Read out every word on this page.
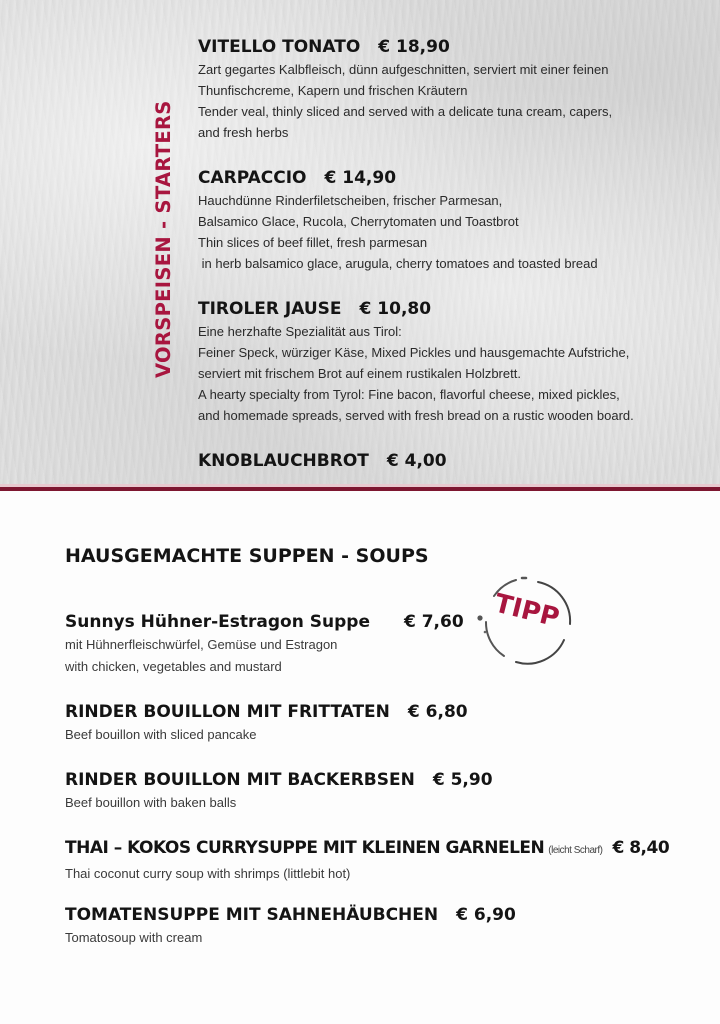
VORSPEISEN - STARTERS
VITELLO TONATO € 18,90
Zart gegartes Kalbfleisch, dünn aufgeschnitten, serviert mit einer feinen
Thunfischcreme, Kapern und frischen Kräutern
Tender veal, thinly sliced and served with a delicate tuna cream, capers,
and fresh herbs
CARPACCIO € 14,90
Hauchdünne Rinderfiletscheiben, frischer Parmesan,
Balsamico Glace, Rucola, Cherrytomaten und Toastbrot
Thin slices of beef fillet, fresh parmesan
in herb balsamico glace, arugula, cherry tomatoes and toasted bread
TIROLER JAUSE € 10,80
Eine herzhafte Spezialität aus Tirol:
Feiner Speck, würziger Käse, Mixed Pickles und hausgemachte Aufstriche,
serviert mit frischem Brot auf einem rustikalen Holzbrett.
A hearty specialty from Tyrol: Fine bacon, flavorful cheese, mixed pickles,
and homemade spreads, served with fresh bread on a rustic wooden board.
KNOBLAUCHBROT € 4,00
HAUSGEMACHTE SUPPEN - SOUPS
TIPP
Sunnys Hühner-Estragon Suppe € 7,60
mit Hühnerfleischwürfel, Gemüse und Estragon
with chicken, vegetables and mustard
RINDER BOUILLON MIT FRITTATEN € 6,80
Beef bouillon with sliced pancake
RINDER BOUILLON MIT BACKERBSEN € 5,90
Beef bouillon with baken balls
THAI – KOKOS CURRYSUPPE MIT KLEINEN GARNELEN (leicht Scharf) € 8,40
Thai coconut curry soup with shrimps (littlebit hot)
TOMATENSUPPE MIT SAHNEHÄUBCHEN € 6,90
Tomatosoup with cream
